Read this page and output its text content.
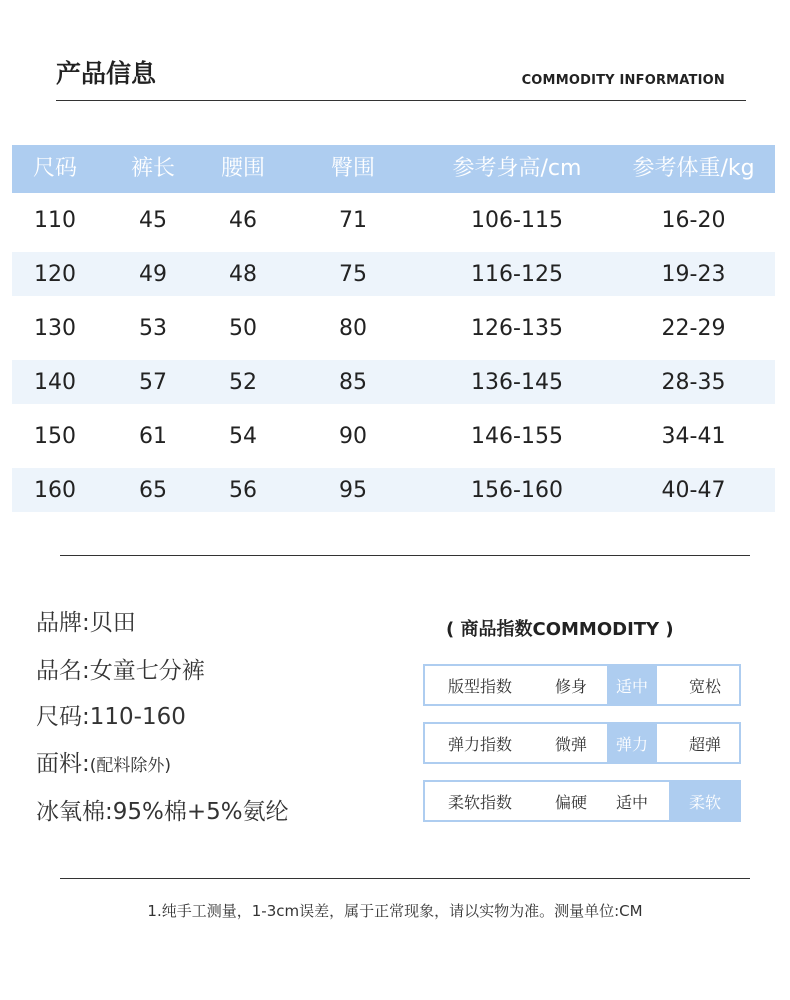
产品信息	COMMODITY INFORMATION
尺码	裤长	腰围	臀围	参考身高/cm	参考体重/kg
110	45	46	71	106-115	16-20
120	49	48	75	116-125	19-23
130	53	50	80	126-135	22-29
140	57	52	85	136-145	28-35
150	61	54	90	146-155	34-41
160	65	56	95	156-160	40-47
品牌:贝田
品名:女童七分裤
尺码:110-160
面料:(配料除外)
冰氧棉:95%棉+5%氨纶
( 商品指数COMMODITY )
版型指数	修身	适中	宽松
弹力指数	微弹	弹力	超弹
柔软指数	偏硬	适中	柔软
1.纯手工测量，1-3cm误差，属于正常现象，请以实物为准。测量单位:CM
